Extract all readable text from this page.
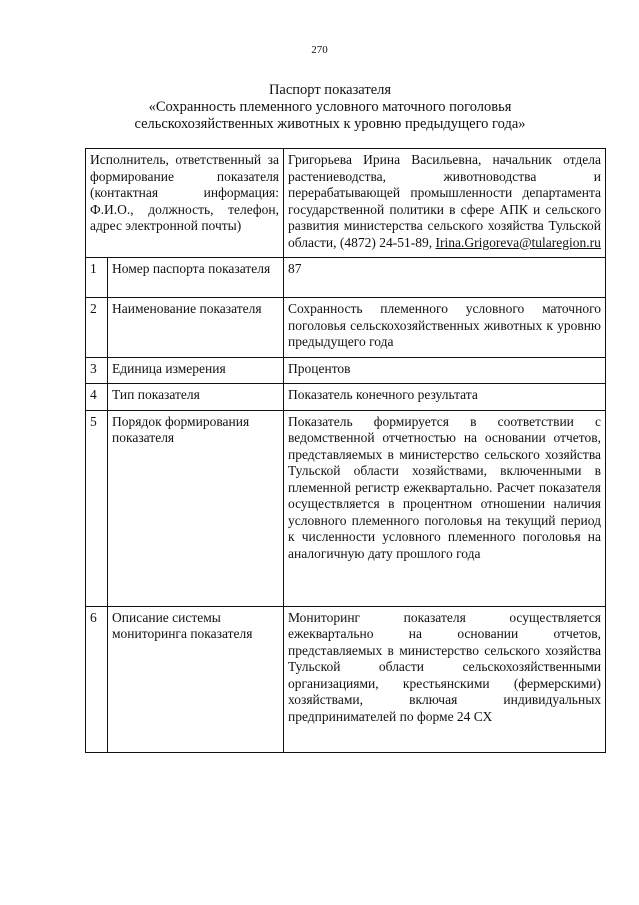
270
Паспорт показателя
«Сохранность племенного условного маточного поголовья
сельскохозяйственных животных к уровню предыдущего года»
Исполнитель, ответственный за формирование показателя (контактная информация: Ф.И.О., должность, телефон, адрес электронной почты)		Григорьева Ирина Васильевна, начальник отдела растениеводства, животноводства и перерабатывающей промышленности департамента государственной политики в сфере АПК и сельского развития министерства сельского хозяйства Тульской области, (4872) 24-51-89, Irina.Grigoreva@tularegion.ru
1	Номер паспорта показателя	87
2	Наименование показателя	Сохранность племенного условного маточного поголовья сельскохозяйственных животных к уровню предыдущего года
3	Единица измерения	Процентов
4	Тип показателя	Показатель конечного результата
5	Порядок формирования показателя	Показатель формируется в соответствии с ведомственной отчетностью на основании отчетов, представляемых в министерство сельского хозяйства Тульской области хозяйствами, включенными в племенной регистр ежеквартально. Расчет показателя осуществляется в процентном отношении наличия условного племенного поголовья на текущий период к численности условного племенного поголовья на аналогичную дату прошлого года
6	Описание системы мониторинга показателя	Мониторинг показателя осуществляется ежеквартально на основании отчетов, представляемых в министерство сельского хозяйства Тульской области сельскохозяйственными организациями, крестьянскими (фермерскими) хозяйствами, включая индивидуальных предпринимателей по форме 24 СХ
